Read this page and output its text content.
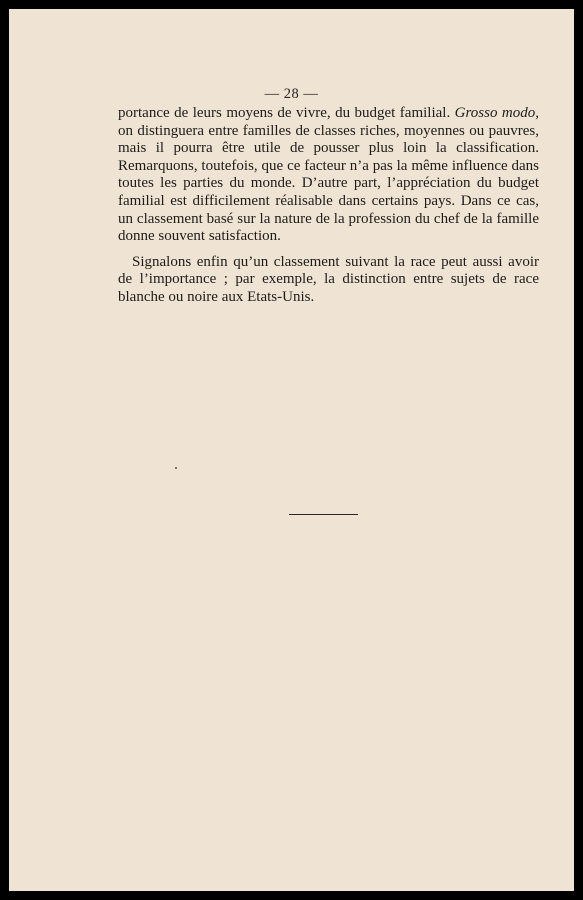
— 28 —

portance de leurs moyens de vivre, du budget familial. Grosso modo, on distinguera entre familles de classes riches, moyennes ou pauvres, mais il pourra être utile de pousser plus loin la classification. Remarquons, toutefois, que ce facteur n’a pas la même influence dans toutes les parties du monde. D’autre part, l’appréciation du budget familial est difficilement réalisable dans certains pays. Dans ce cas, un classement basé sur la nature de la profession du chef de la famille donne souvent satisfaction.

Signalons enfin qu’un classement suivant la race peut aussi avoir de l’importance ; par exemple, la distinction entre sujets de race blanche ou noire aux Etats-Unis.
